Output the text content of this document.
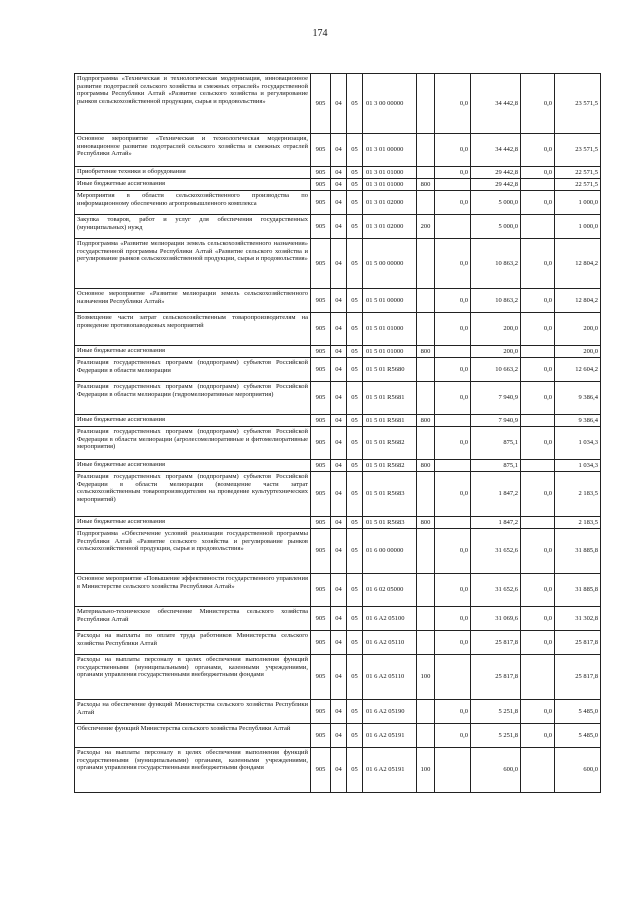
174
Подпрограмма «Техническая и технологическая модернизация, инновационное развитие подотраслей сельского хозяйства и смежных отраслей» государственной программы Республики Алтай «Развитие сельского хозяйства и регулирование рынков сельскохозяйственной продукции, сырья и продовольствия»	905	04	05	01 3 00 00000		0,0	34 442,8	0,0	23 571,5
Основное мероприятие «Техническая и технологическая модернизация, инновационное развитие подотраслей сельского хозяйства и смежных отраслей Республики Алтай»	905	04	05	01 3 01 00000		0,0	34 442,8	0,0	23 571,5
Приобретение техники и оборудования	905	04	05	01 3 01 01000		0,0	29 442,8	0,0	22 571,5
Иные бюджетные ассигнования	905	04	05	01 3 01 01000	800		29 442,8		22 571,5
Мероприятия в области сельскохозяйственного производства по информационному обеспечению агропромышленного комплекса	905	04	05	01 3 01 02000		0,0	5 000,0	0,0	1 000,0
Закупка товаров, работ и услуг для обеспечения государственных (муниципальных) нужд	905	04	05	01 3 01 02000	200		5 000,0		1 000,0
Подпрограмма «Развитие мелиорации земель сельскохозяйственного назначения» государственной программы Республики Алтай «Развитие сельского хозяйства и регулирование рынков сельскохозяйственной продукции, сырья и продовольствия»	905	04	05	01 5 00 00000		0,0	10 863,2	0,0	12 804,2
Основное мероприятие «Развитие мелиорации земель сельскохозяйственного назначения Республики Алтай»	905	04	05	01 5 01 00000		0,0	10 863,2	0,0	12 804,2
Возмещение части затрат сельскохозяйственным товаропроизводителям на проведение противопаводковых мероприятий	905	04	05	01 5 01 01000		0,0	200,0	0,0	200,0
Иные бюджетные ассигнования	905	04	05	01 5 01 01000	800		200,0		200,0
Реализация государственных программ (подпрограмм) субъектов Российской Федерации в области мелиорации	905	04	05	01 5 01 R5680		0,0	10 663,2	0,0	12 604,2
Реализация государственных программ (подпрограмм) субъектов Российской Федерации в области мелиорации (гидромелиоративные мероприятия)	905	04	05	01 5 01 R5681		0,0	7 940,9	0,0	9 386,4
Иные бюджетные ассигнования	905	04	05	01 5 01 R5681	800		7 940,9		9 386,4
Реализация государственных программ (подпрограмм) субъектов Российской Федерации в области мелиорации (агролесомелиоративные и фитомелиоративные мероприятия)	905	04	05	01 5 01 R5682		0,0	875,1	0,0	1 034,3
Иные бюджетные ассигнования	905	04	05	01 5 01 R5682	800		875,1		1 034,3
Реализация государственных программ (подпрограмм) субъектов Российской Федерации в области мелиорации (возмещение части затрат сельскохозяйственным товаропроизводителям на проведение культуртехнических мероприятий)	905	04	05	01 5 01 R5683		0,0	1 847,2	0,0	2 183,5
Иные бюджетные ассигнования	905	04	05	01 5 01 R5683	800		1 847,2		2 183,5
Подпрограмма «Обеспечение условий реализации государственной программы Республики Алтай «Развитие сельского хозяйства и регулирование рынков сельскохозяйственной продукции, сырья и продовольствия»	905	04	05	01 6 00 00000		0,0	31 652,6	0,0	31 885,8
Основное мероприятие «Повышение эффективности государственного управления в Министерстве сельского хозяйства Республики Алтай»	905	04	05	01 6 02 05000		0,0	31 652,6	0,0	31 885,8
Материально-техническое обеспечение Министерства сельского хозяйства Республики Алтай	905	04	05	01 6 A2 05100		0,0	31 069,6	0,0	31 302,8
Расходы на выплаты по оплате труда работников Министерства сельского хозяйства Республики Алтай	905	04	05	01 6 A2 05110		0,0	25 817,8	0,0	25 817,8
Расходы на выплаты персоналу в целях обеспечения выполнения функций государственными (муниципальными) органами, казенными учреждениями, органами управления государственными внебюджетными фондами	905	04	05	01 6 A2 05110	100		25 817,8		25 817,8
Расходы на обеспечение функций Министерства сельского хозяйства Республики Алтай	905	04	05	01 6 A2 05190		0,0	5 251,8	0,0	5 485,0
Обеспечение функций Министерства сельского хозяйства Республики Алтай	905	04	05	01 6 A2 05191		0,0	5 251,8	0,0	5 485,0
Расходы на выплаты персоналу в целях обеспечения выполнения функций государственными (муниципальными) органами, казенными учреждениями, органами управления государственными внебюджетными фондами	905	04	05	01 6 A2 05191	100		600,0		600,0
